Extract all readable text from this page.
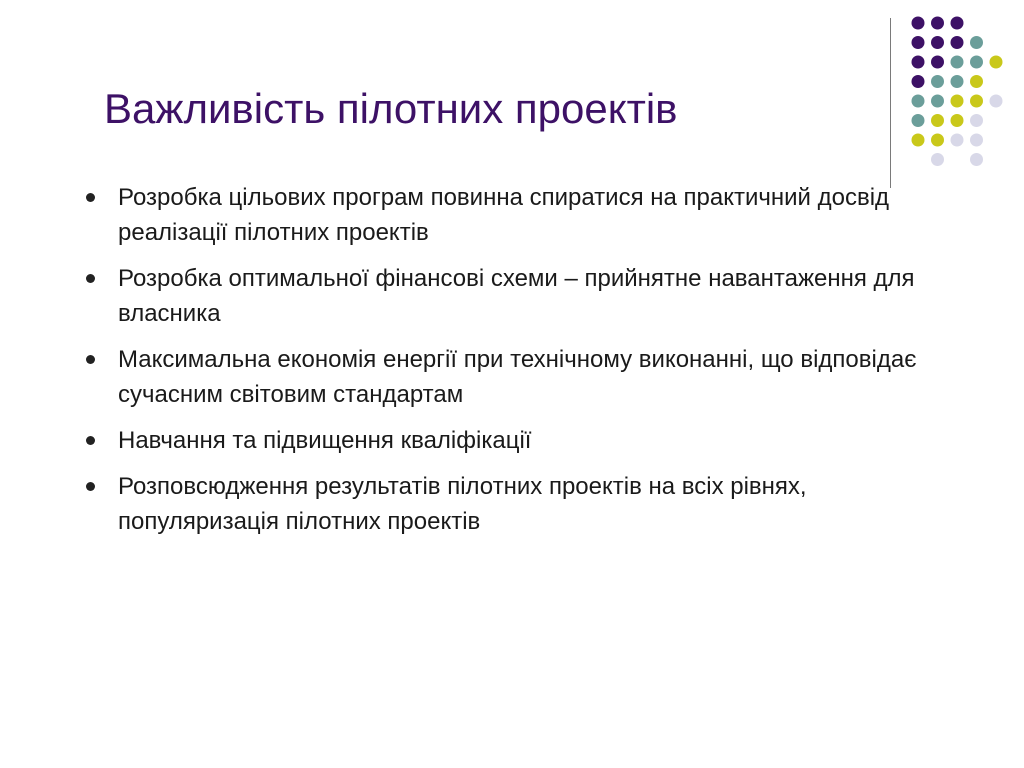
Важливість пілотних проектів
Розробка цільових програм повинна спиратися на практичний досвід реалізації пілотних проектів
Розробка оптимальної фінансові схеми – прийнятне навантаження для власника
Максимальна економія енергії при технічному виконанні, що відповідає сучасним світовим стандартам
Навчання та підвищення кваліфікації
Розповсюдження результатів пілотних проектів на всіх рівнях, популяризація пілотних проектів
